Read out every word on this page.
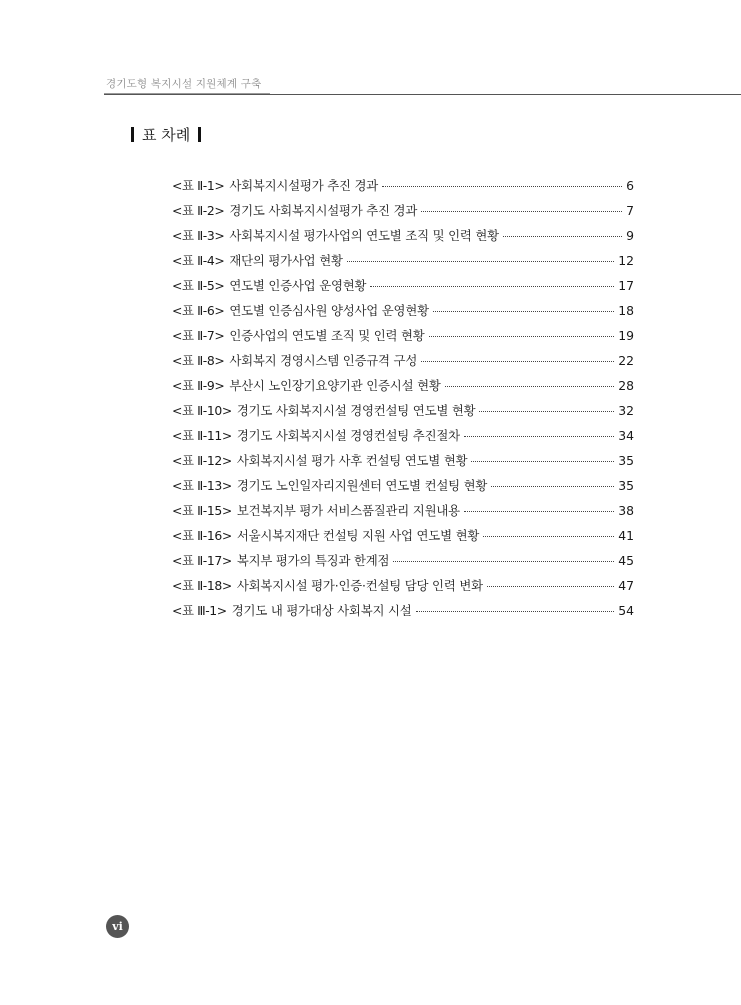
경기도형 복지시설 지원체계 구축
표 차례
<표 Ⅱ-1> 사회복지시설평가 추진 경과	6
<표 Ⅱ-2> 경기도 사회복지시설평가 추진 경과	7
<표 Ⅱ-3> 사회복지시설 평가사업의 연도별 조직 및 인력 현황	9
<표 Ⅱ-4> 재단의 평가사업 현황	12
<표 Ⅱ-5> 연도별 인증사업 운영현황	17
<표 Ⅱ-6> 연도별 인증심사원 양성사업 운영현황	18
<표 Ⅱ-7> 인증사업의 연도별 조직 및 인력 현황	19
<표 Ⅱ-8> 사회복지 경영시스템 인증규격 구성	22
<표 Ⅱ-9> 부산시 노인장기요양기관 인증시설 현황	28
<표 Ⅱ-10> 경기도 사회복지시설 경영컨설팅 연도별 현황	32
<표 Ⅱ-11> 경기도 사회복지시설 경영컨설팅 추진절차	34
<표 Ⅱ-12> 사회복지시설 평가 사후 컨설팅 연도별 현황	35
<표 Ⅱ-13> 경기도 노인일자리지원센터 연도별 컨설팅 현황	35
<표 Ⅱ-15> 보건복지부 평가 서비스품질관리 지원내용	38
<표 Ⅱ-16> 서울시복지재단 컨설팅 지원 사업 연도별 현황	41
<표 Ⅱ-17> 복지부 평가의 특징과 한계점	45
<표 Ⅱ-18> 사회복지시설 평가·인증·컨설팅 담당 인력 변화	47
<표 Ⅲ-1> 경기도 내 평가대상 사회복지 시설	54
vi
